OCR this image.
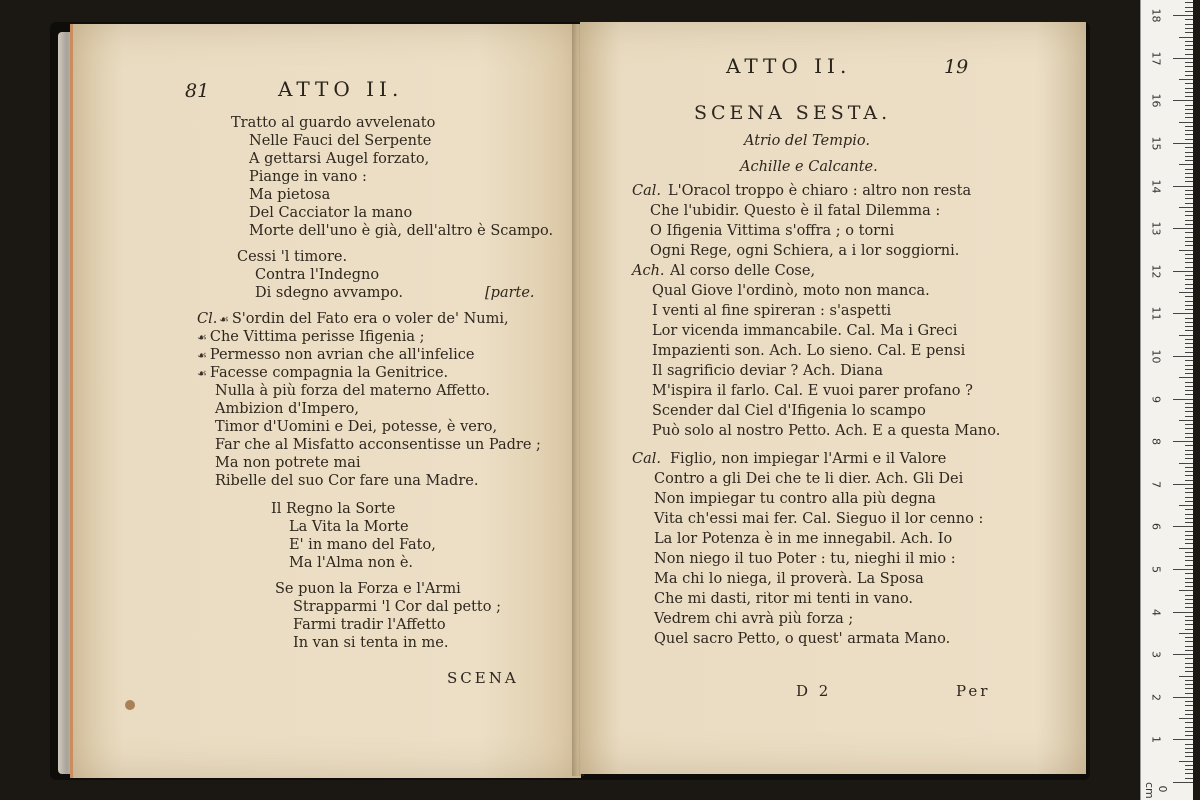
81	ATTO II.
Tratto al guardo avvelenato
Nelle Fauci del Serpente
A gettarsi Augel forzato,
Piange in vano :
Ma pietosa
Del Cacciator la mano
Morte dell'uno è già, dell'altro è Scampo.
Cessi 'l timore.
Contra l'Indegno
Di sdegno avvampo.	[parte.
Cl. ☙ S'ordin del Fato era o voler de' Numi,
☙ Che Vittima perisse Ifigenia ;
☙ Permesso non avrian che all'infelice
☙ Facesse compagnia la Genitrice.
Nulla à più forza del materno Affetto.
Ambizion d'Impero,
Timor d'Uomini e Dei, potesse, è vero,
Far che al Misfatto acconsentisse un Padre ;
Ma non potrete mai
Ribelle del suo Cor fare una Madre.
Il Regno la Sorte
La Vita la Morte
E' in mano del Fato,
Ma l'Alma non è.
Se puon la Forza e l'Armi
Strapparmi 'l Cor dal petto ;
Farmi tradir l'Affetto
In van si tenta in me.
SCENA
ATTO II.	19
SCENA SESTA.
Atrio del Tempio.
Achille e Calcante.
Cal. L'Oracol troppo è chiaro : altro non resta
Che l'ubidir. Questo è il fatal Dilemma :
O Ifigenia Vittima s'offra ; o torni
Ogni Rege, ogni Schiera, a i lor soggiorni.
Ach. Al corso delle Cose,
Qual Giove l'ordinò, moto non manca.
I venti al fine spireran : s'aspetti
Lor vicenda immancabile. Cal. Ma i Greci
Impazienti son. Ach. Lo sieno. Cal. E pensi
Il sagrificio deviar ? Ach. Diana
M'ispira il farlo. Cal. E vuoi parer profano ?
Scender dal Ciel d'Ifigenia lo scampo
Può solo al nostro Petto. Ach. E a questa Mano.
Cal. Figlio, non impiegar l'Armi e il Valore
Contro a gli Dei che te li dier. Ach. Gli Dei
Non impiegar tu contro alla più degna
Vita ch'essi mai fer. Cal. Sieguo il lor cenno :
La lor Potenza è in me innegabil. Ach. Io
Non niego il tuo Poter : tu, nieghi il mio :
Ma chi lo niega, il proverà. La Sposa
Che mi dasti, ritor mi tenti in vano.
Vedrem chi avrà più forza ;
Quel sacro Petto, o quest' armata Mano.
D 2	Per
0 cm
1
2
3
4
5
6
7
8
9
10
11
12
13
14
15
16
17
18
